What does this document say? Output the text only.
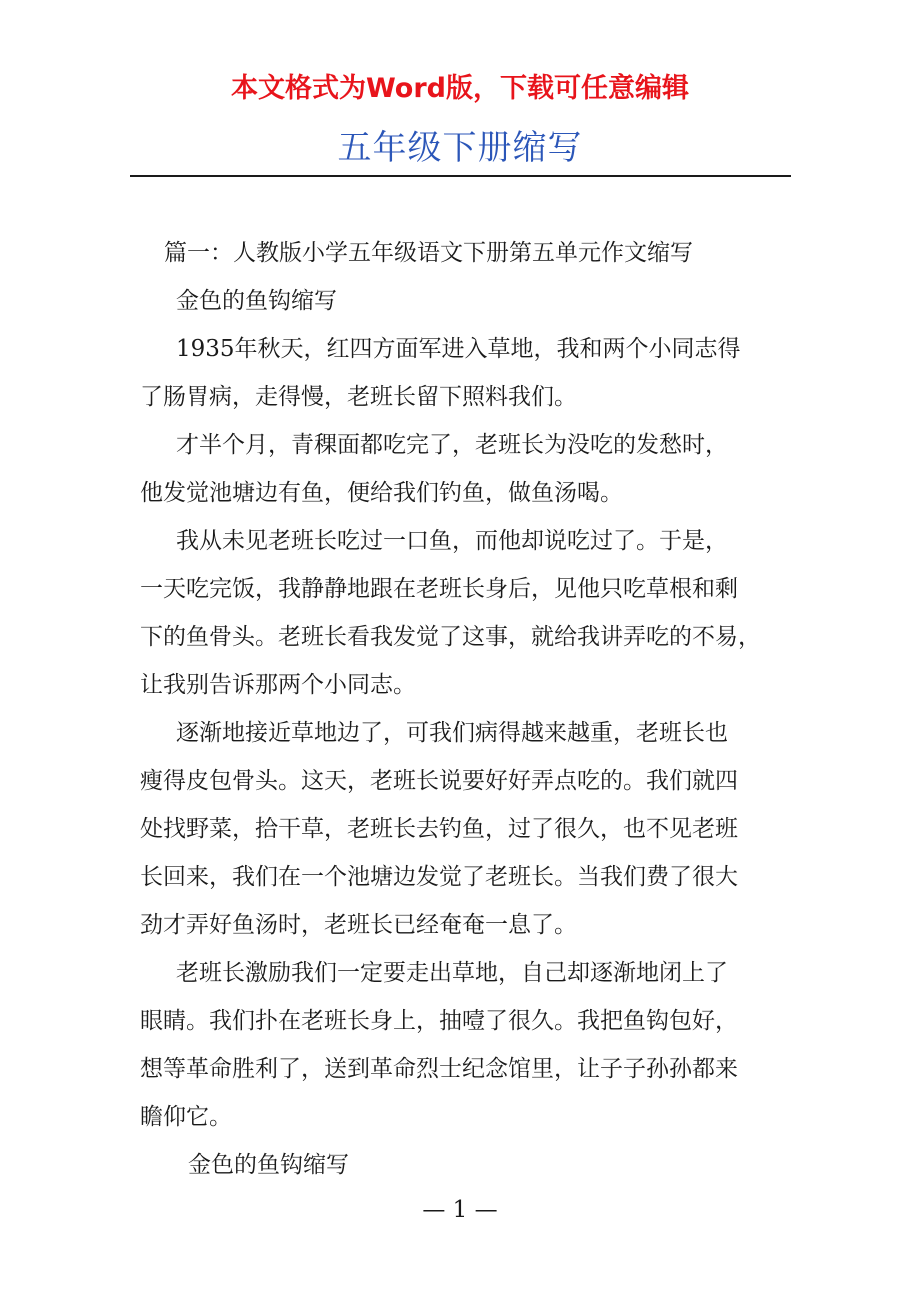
本文格式为Word版，下载可任意编辑
五年级下册缩写
篇一：人教版小学五年级语文下册第五单元作文缩写
金色的鱼钩缩写
1935年秋天，红四方面军进入草地，我和两个小同志得
了肠胃病，走得慢，老班长留下照料我们。
才半个月，青稞面都吃完了，老班长为没吃的发愁时，
他发觉池塘边有鱼，便给我们钓鱼，做鱼汤喝。
我从未见老班长吃过一口鱼，而他却说吃过了。于是，
一天吃完饭，我静静地跟在老班长身后，见他只吃草根和剩
下的鱼骨头。老班长看我发觉了这事，就给我讲弄吃的不易，
让我别告诉那两个小同志。
逐渐地接近草地边了，可我们病得越来越重，老班长也
瘦得皮包骨头。这天，老班长说要好好弄点吃的。我们就四
处找野菜，拾干草，老班长去钓鱼，过了很久，也不见老班
长回来，我们在一个池塘边发觉了老班长。当我们费了很大
劲才弄好鱼汤时，老班长已经奄奄一息了。
老班长激励我们一定要走出草地，自己却逐渐地闭上了
眼睛。我们扑在老班长身上，抽噎了很久。我把鱼钩包好，
想等革命胜利了，送到革命烈士纪念馆里，让子子孙孙都来
瞻仰它。
金色的鱼钩缩写
— 1 —
